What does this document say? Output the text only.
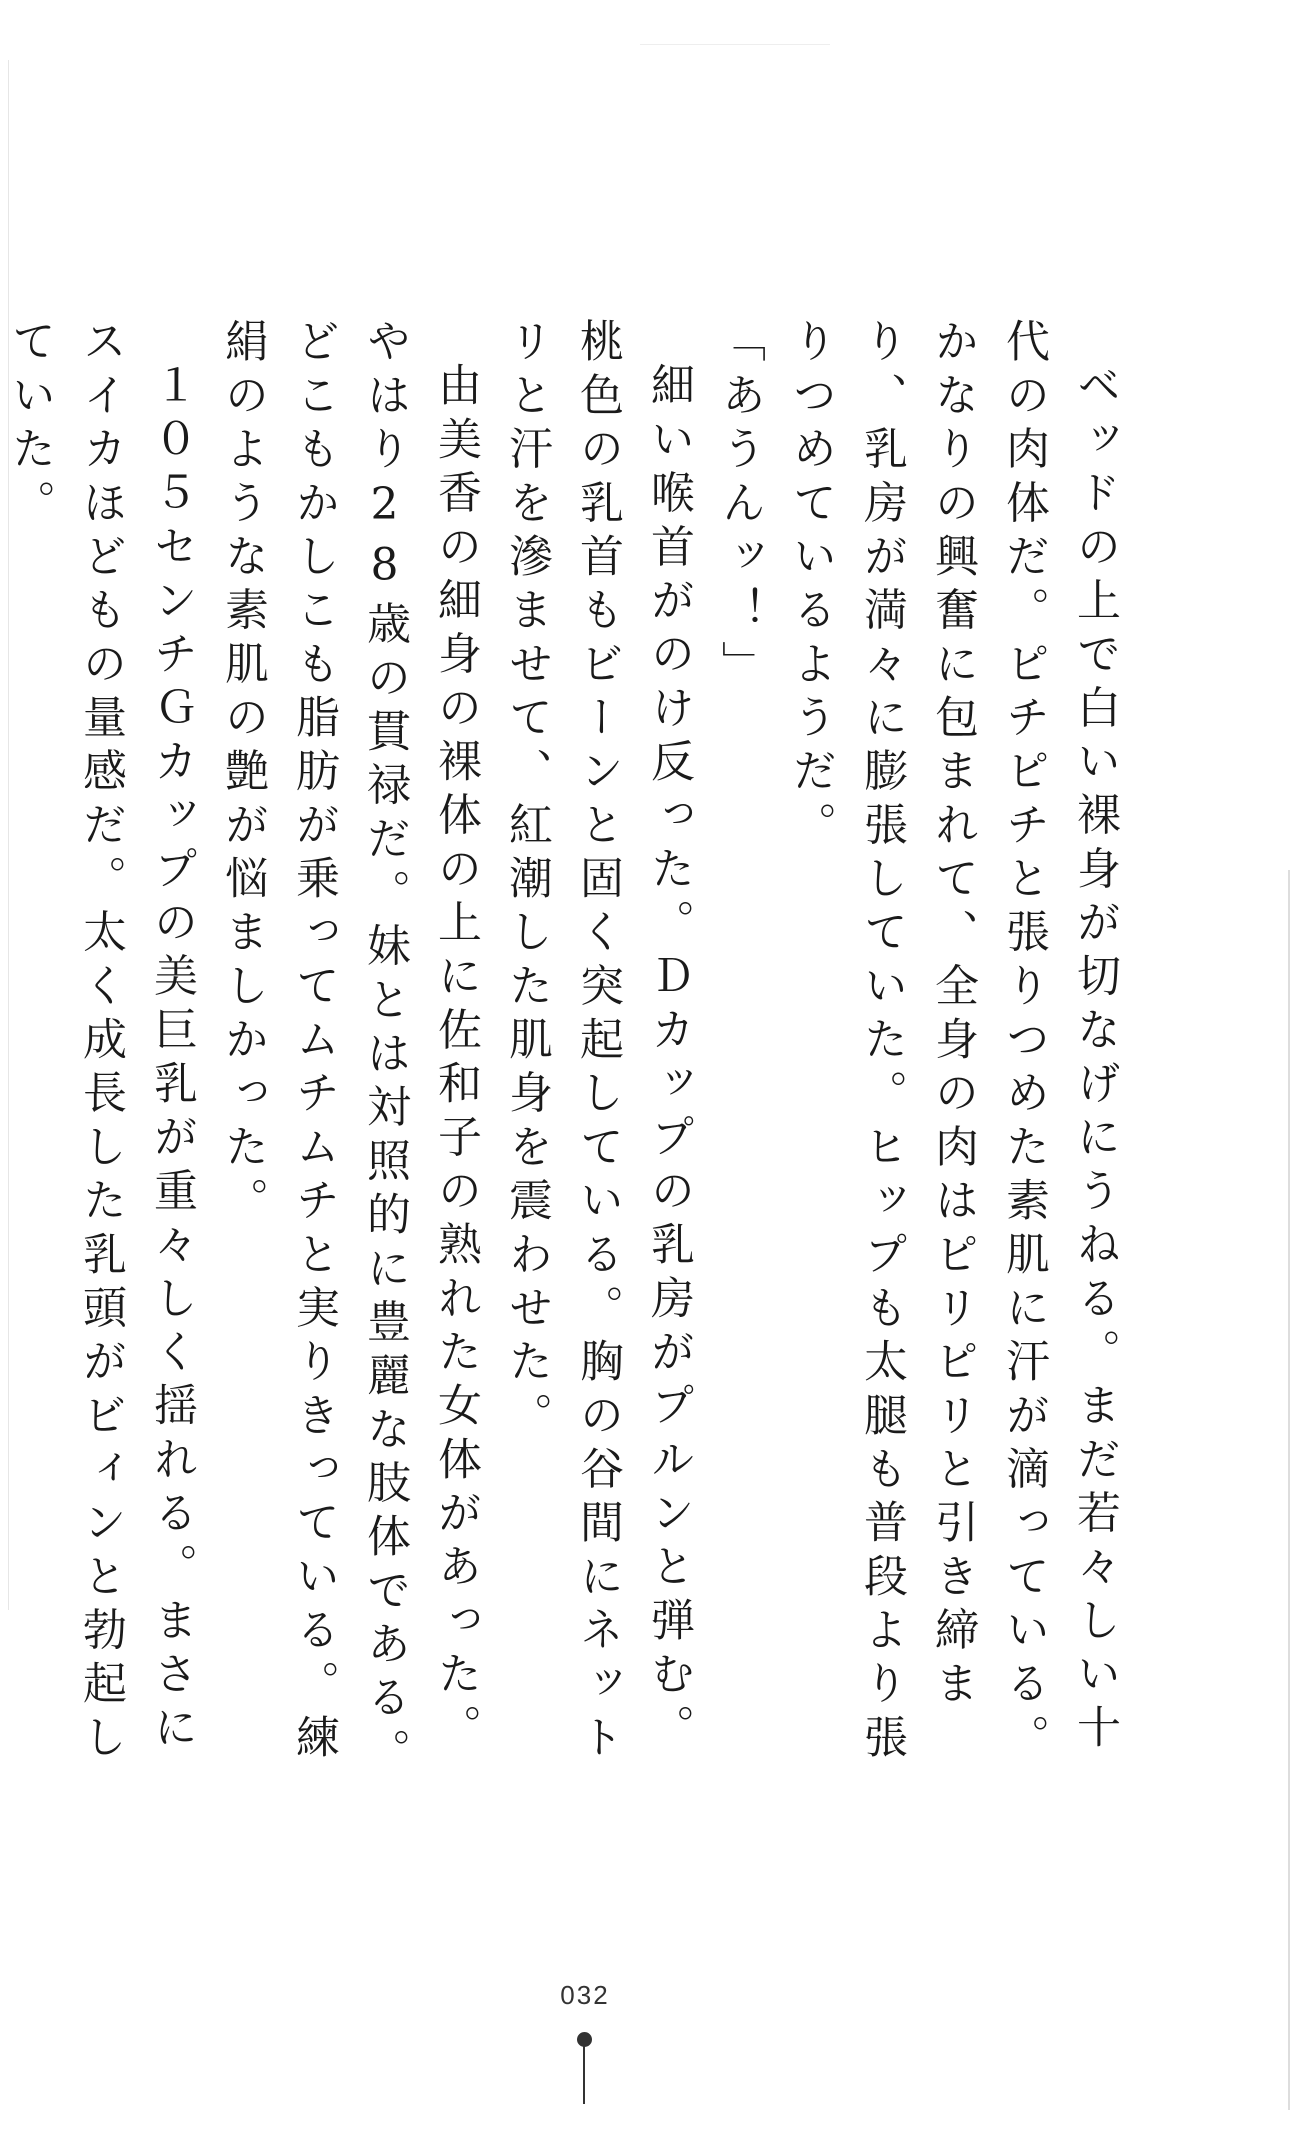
ベッドの上で白い裸身が切なげにうねる。まだ若々しい十代の肉体だ。ピチピチと張りつめた素肌に汗が滴っている。かなりの興奮に包まれて、全身の肉はピリピリと引き締まり、乳房が満々に膨張していた。ヒップも太腿も普段より張りつめているようだ。

「あうんッ！」

細い喉首がのけ反った。Ｄカップの乳房がプルンと弾む。桃色の乳首もビーンと固く突起している。胸の谷間にネットリと汗を滲ませて、紅潮した肌身を震わせた。

由美香の細身の裸体の上に佐和子の熟れた女体があった。やはり28歳の貫禄だ。妹とは対照的に豊麗な肢体である。どこもかしこも脂肪が乗ってムチムチと実りきっている。練絹のような素肌の艶が悩ましかった。

１０５センチＧカップの美巨乳が重々しく揺れる。まさにスイカほどもの量感だ。太く成長した乳頭がビィンと勃起していた。

032
